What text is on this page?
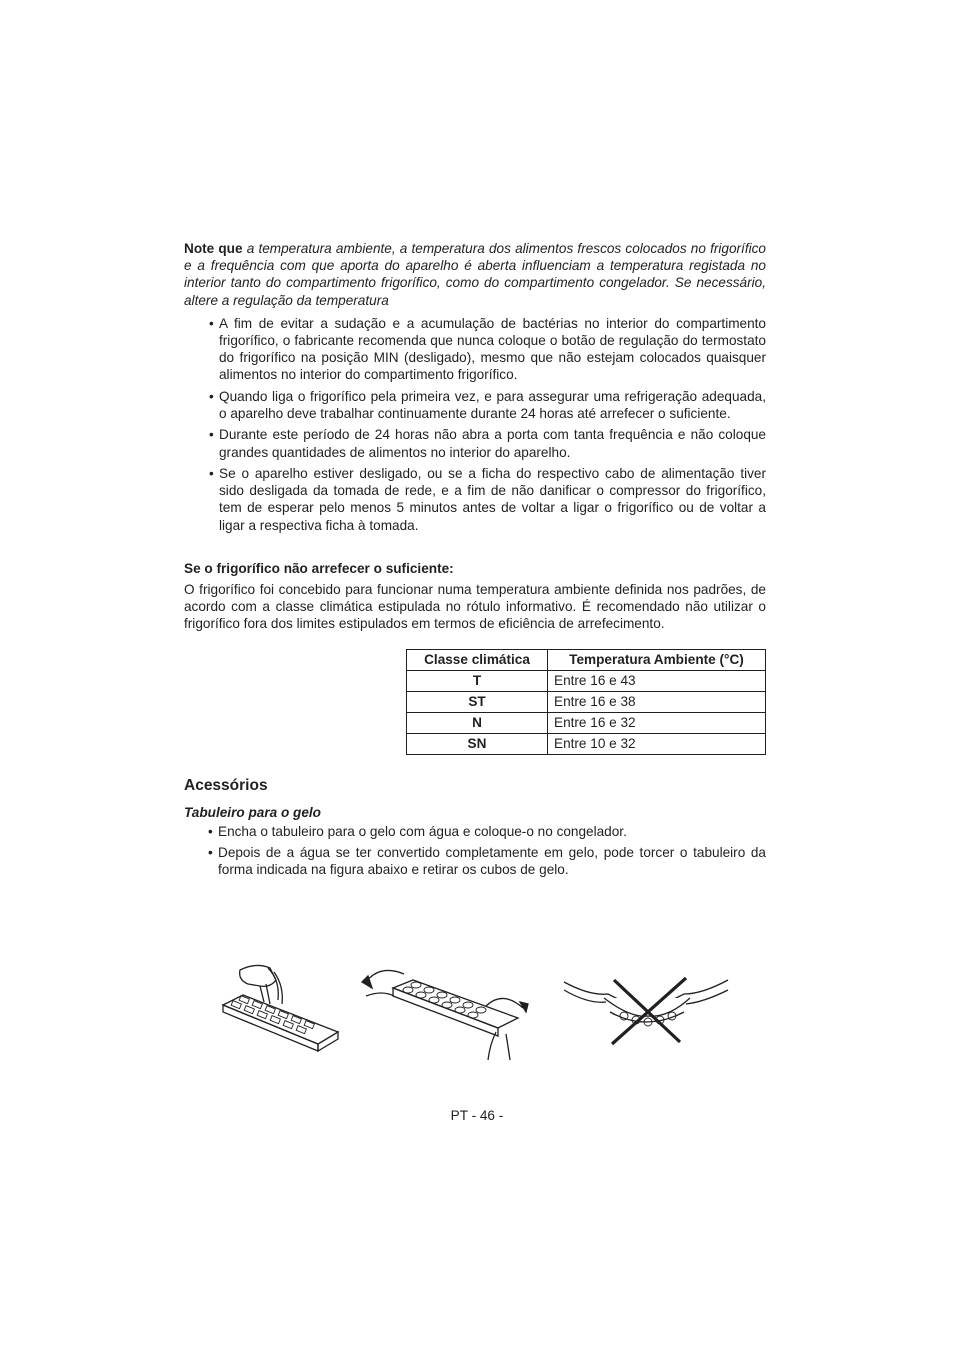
Note que a temperatura ambiente, a temperatura dos alimentos frescos colocados no frigorífico e a frequência com que aporta do aparelho é aberta influenciam a temperatura registada no interior tanto do compartimento frigorífico, como do compartimento congelador. Se necessário, altere a regulação da temperatura

• A fim de evitar a sudação e a acumulação de bactérias no interior do compartimento frigorífico, o fabricante recomenda que nunca coloque o botão de regulação do termostato do frigorífico na posição MIN (desligado), mesmo que não estejam colocados quaisquer alimentos no interior do compartimento frigorífico.
• Quando liga o frigorífico pela primeira vez, e para assegurar uma refrigeração adequada, o aparelho deve trabalhar continuamente durante 24 horas até arrefecer o suficiente.
• Durante este período de 24 horas não abra a porta com tanta frequência e não coloque grandes quantidades de alimentos no interior do aparelho.
• Se o aparelho estiver desligado, ou se a ficha do respectivo cabo de alimentação tiver sido desligada da tomada de rede, e a fim de não danificar o compressor do frigorífico, tem de esperar pelo menos 5 minutos antes de voltar a ligar o frigorífico ou de voltar a ligar a respectiva ficha à tomada.
Se o frigorífico não arrefecer o suficiente:

O frigorífico foi concebido para funcionar numa temperatura ambiente definida nos padrões, de acordo com a classe climática estipulada no rótulo informativo. É recomendado não utilizar o frigorífico fora dos limites estipulados em termos de eficiência de arrefecimento.

Classe climática	Temperatura Ambiente (°C)
T	Entre 16 e 43
ST	Entre 16 e 38
N	Entre 16 e 32
SN	Entre 10 e 32
Acessórios

Tabuleiro para o gelo

• Encha o tabuleiro para o gelo com água e coloque-o no congelador.
• Depois de a água se ter convertido completamente em gelo, pode torcer o tabuleiro da forma indicada na figura abaixo e retirar os cubos de gelo.
PT - 46 -
